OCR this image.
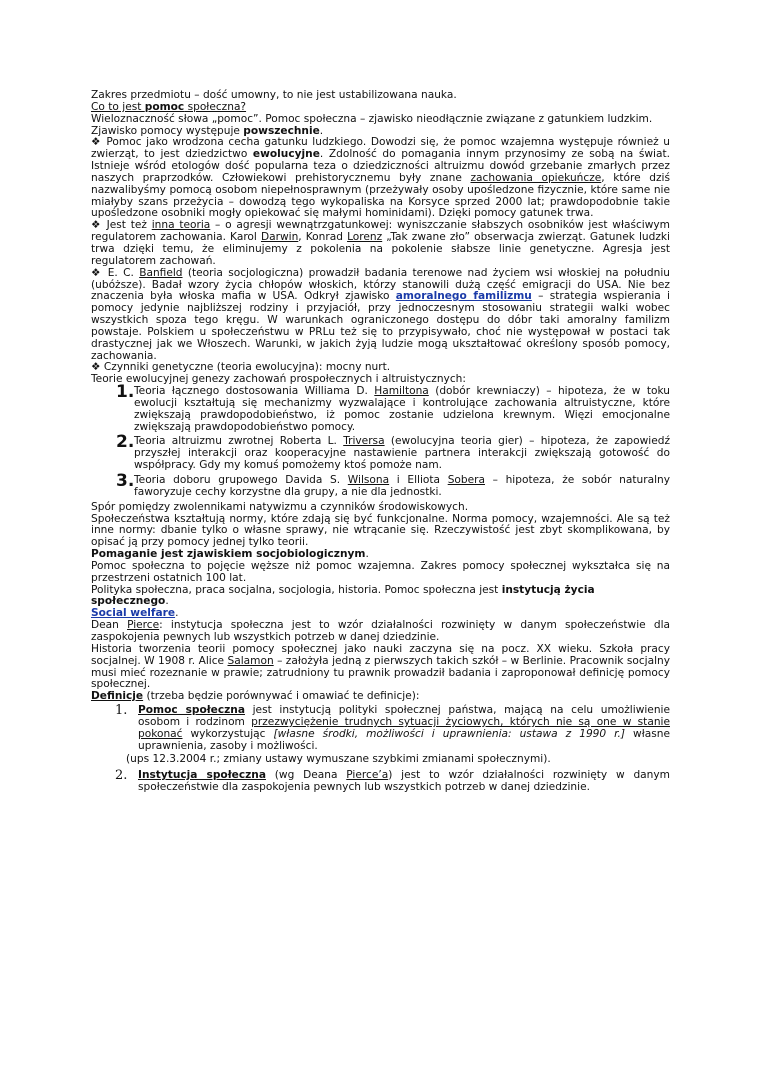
Zakres przedmiotu – dość umowny, to nie jest ustabilizowana nauka.

Co to jest pomoc społeczna?

Wieloznaczność słowa „pomoc”. Pomoc społeczna – zjawisko nieodłącznie związane z gatunkiem ludzkim.

Zjawisko pomocy występuje powszechnie.

❖ Pomoc jako wrodzona cecha gatunku ludzkiego. Dowodzi się, że pomoc wzajemna występuje również u zwierząt, to jest dziedzictwo ewolucyjne. Zdolność do pomagania innym przynosimy ze sobą na świat. Istnieje wśród etologów dość popularna teza o dziedziczności altruizmu dowód grzebanie zmarłych przez naszych praprzodków. Człowiekowi prehistorycznemu były znane zachowania opiekuńcze, które dziś nazwalibyśmy pomocą osobom niepełnosprawnym (przeżywały osoby upośledzone fizycznie, które same nie miałyby szans przeżycia – dowodzą tego wykopaliska na Korsyce sprzed 2000 lat; prawdopodobnie takie upośledzone osobniki mogły opiekować się małymi hominidami). Dzięki pomocy gatunek trwa.

❖ Jest też inna teoria – o agresji wewnątrzgatunkowej: wyniszczanie słabszych osobników jest właściwym regulatorem zachowania. Karol Darwin, Konrad Lorenz „Tak zwane zło” obserwacja zwierząt. Gatunek ludzki trwa dzięki temu, że eliminujemy z pokolenia na pokolenie słabsze linie genetyczne. Agresja jest regulatorem zachowań.

❖ E. C. Banfield (teoria socjologiczna) prowadził badania terenowe nad życiem wsi włoskiej na południu (ubóższe). Badał wzory życia chłopów włoskich, którzy stanowili dużą część emigracji do USA. Nie bez znaczenia była włoska mafia w USA. Odkrył zjawisko amoralnego familizmu – strategia wspierania i pomocy jedynie najbliższej rodziny i przyjaciół, przy jednoczesnym stosowaniu strategii walki wobec wszystkich spoza tego kręgu. W warunkach ograniczonego dostępu do dóbr taki amoralny familizm powstaje. Polskiem u społeczeństwu w PRLu też się to przypisywało, choć nie występował w postaci tak drastycznej jak we Włoszech. Warunki, w jakich żyją ludzie mogą ukształtować określony sposób pomocy, zachowania.

❖ Czynniki genetyczne (teoria ewolucyjna): mocny nurt.

Teorie ewolucyjnej genezy zachowań prospołecznych i altruistycznych:

1. Teoria łącznego dostosowania Williama D. Hamiltona (dobór krewniaczy) – hipoteza, że w toku ewolucji kształtują się mechanizmy wyzwalające i kontrolujące zachowania altruistyczne, które zwiększają prawdopodobieństwo, iż pomoc zostanie udzielona krewnym. Więzi emocjonalne zwiększają prawdopodobieństwo pomocy.
2. Teoria altruizmu zwrotnej Roberta L. Triversa (ewolucyjna teoria gier) – hipoteza, że zapowiedź przyszłej interakcji oraz kooperacyjne nastawienie partnera interakcji zwiększają gotowość do współpracy. Gdy my komuś pomożemy ktoś pomoże nam.
3. Teoria doboru grupowego Davida S. Wilsona i Elliota Sobera – hipoteza, że sobór naturalny faworyzuje cechy korzystne dla grupy, a nie dla jednostki.

Spór pomiędzy zwolennikami natywizmu a czynników środowiskowych.

Społeczeństwa kształtują normy, które zdają się być funkcjonalne. Norma pomocy, wzajemności. Ale są też inne normy: dbanie tylko o własne sprawy, nie wtrącanie się. Rzeczywistość jest zbyt skomplikowana, by opisać ją przy pomocy jednej tylko teorii.

Pomaganie jest zjawiskiem socjobiologicznym.

Pomoc społeczna to pojęcie węższe niż pomoc wzajemna. Zakres pomocy społecznej wykształca się na przestrzeni ostatnich 100 lat.

Polityka społeczna, praca socjalna, socjologia, historia. Pomoc społeczna jest instytucją życia społecznego.

Social welfare.

Dean Pierce: instytucja społeczna jest to wzór działalności rozwinięty w danym społeczeństwie dla zaspokojenia pewnych lub wszystkich potrzeb w danej dziedzinie.

Historia tworzenia teorii pomocy społecznej jako nauki zaczyna się na pocz. XX wieku. Szkoła pracy socjalnej. W 1908 r. Alice Salamon – założyła jedną z pierwszych takich szkół – w Berlinie. Pracownik socjalny musi mieć rozeznanie w prawie; zatrudniony tu prawnik prowadził badania i zaproponował definicję pomocy społecznej.

Definicje (trzeba będzie porównywać i omawiać te definicje):

1. Pomoc społeczna jest instytucją polityki społecznej państwa, mającą na celu umożliwienie osobom i rodzinom przezwyciężenie trudnych sytuacji życiowych, których nie są one w stanie pokonać wykorzystując [własne środki, możliwości i uprawnienia: ustawa z 1990 r.] własne uprawnienia, zasoby i możliwości.
(ups 12.3.2004 r.; zmiany ustawy wymuszane szybkimi zmianami społecznymi).
2. Instytucja społeczna (wg Deana Pierce’a) jest to wzór działalności rozwinięty w danym społeczeństwie dla zaspokojenia pewnych lub wszystkich potrzeb w danej dziedzinie.
